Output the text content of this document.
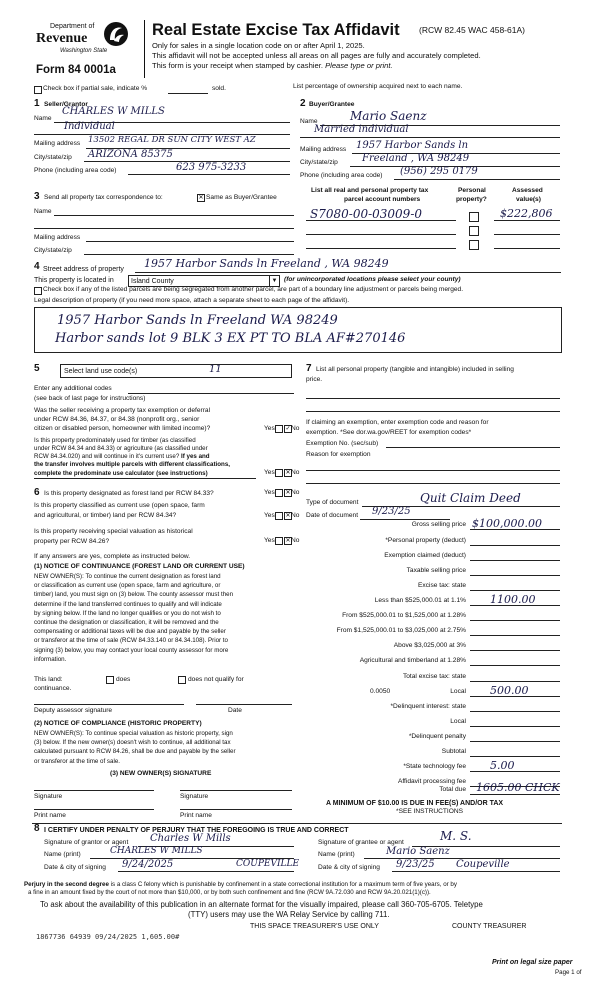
Department of
Revenue
Washington State
Form 84 0001a
Real Estate Excise Tax Affidavit (RCW 82.45 WAC 458-61A)
Only for sales in a single location code on or after April 1, 2025.
This affidavit will not be accepted unless all areas on all pages are fully and accurately completed.
This form is your receipt when stamped by cashier. Please type or print.
Check box if partial sale, indicate %	sold.	List percentage of ownership acquired next to each name.
1 Seller/Grantor
Name
CHARLES W MILLS
Individual
Mailing address 13502 REGAL DR SUN CITY WEST AZ
City/state/zip ARIZONA 85375
Phone (including area code)	623 975-3233
2 Buyer/Grantee
Name	Mario Saenz
Married individual
Mailing address 1957 Harbor Sands ln
City/state/zip Freeland , WA 98249
Phone (including area code) (956) 295 0179
3 Send all property tax correspondence to:	✕ Same as Buyer/Grantee
Name
Mailing address
City/state/zip
List all real and personal property tax
parcel account numbers
Personal
property?
Assessed
value(s)
S7080-00-03009-0	$222,806
4 Street address of property 1957 Harbor Sands ln Freeland , WA 98249
This property is located in Island County	▼ (for unincorporated locations please select your county)
Check box if any of the listed parcels are being segregated from another parcel, are part of a boundary line adjustment or parcels being merged.
Legal description of property (if you need more space, attach a separate sheet to each page of the affidavit).
1957 Harbor Sands ln Freeland WA 98249
Harbor sands lot 9 BLK 3 EX PT TO BLA AF#270146
5	Select land use code(s)	11
Enter any additional codes
(see back of last page for instructions)
Was the seller receiving a property tax exemption or deferral
under RCW 84.36, 84.37, or 84.38 (nonprofit org., senior
citizen or disabled person, homeowner with limited income)?	Yes ✓ No
Is this property predominately used for timber (as classified
under RCW 84.34 and 84.33) or agriculture (as classified under
RCW 84.34.020) and will continue in it's current use? If yes and
the transfer involves multiple parcels with different classifications,
complete the predominate use calculator (see instructions)	Yes ✕ No
6 Is this property designated as forest land per RCW 84.33?	Yes ✕ No
Is this property classified as current use (open space, farm
and agricultural, or timber) land per RCW 84.34?	Yes ✕ No
Is this property receiving special valuation as historical
property per RCW 84.26?	Yes ✕ No
If any answers are yes, complete as instructed below.
(1) NOTICE OF CONTINUANCE (FOREST LAND OR CURRENT USE)
NEW OWNER(S): To continue the current designation as forest land
or classification as current use (open space, farm and agriculture, or
timber) land, you must sign on (3) below. The county assessor must then
determine if the land transferred continues to qualify and will indicate
by signing below. If the land no longer qualifies or you do not wish to
continue the designation or classification, it will be removed and the
compensating or additional taxes will be due and payable by the seller
or transferor at the time of sale (RCW 84.33.140 or 84.34.108). Prior to
signing (3) below, you may contact your local county assessor for more
information.
This land:	does	does not qualify for
continuance.
Deputy assessor signature	Date
(2) NOTICE OF COMPLIANCE (HISTORIC PROPERTY)
NEW OWNER(S): To continue special valuation as historic property, sign
(3) below. If the new owner(s) doesn't wish to continue, all additional tax
calculated pursuant to RCW 84.26, shall be due and payable by the seller
or transferor at the time of sale.
(3) NEW OWNER(S) SIGNATURE
Signature	Signature
Print name	Print name
7 List all personal property (tangible and intangible) included in selling
price.
If claiming an exemption, enter exemption code and reason for
exemption. *See dor.wa.gov/REET for exemption codes*
Exemption No. (sec/sub)
Reason for exemption
Type of document	Quit Claim Deed
Date of document 9/23/25
Gross selling price $100,000.00
*Personal property (deduct)
Exemption claimed (deduct)
Taxable selling price
Excise tax: state
Less than $525,000.01 at 1.1% 1100.00
From $525,000.01 to $1,525,000 at 1.28%
From $1,525,000.01 to $3,025,000 at 2.75%
Above $3,025,000 at 3%
Agricultural and timberland at 1.28%
Total excise tax: state
Local 500.00
*Delinquent interest: state
Local
*Delinquent penalty
Subtotal
*State technology fee 5.00
Affidavit processing fee
Total due 1605.00 CHCK
0.0050
A MINIMUM OF $10.00 IS DUE IN FEE(S) AND/OR TAX
*SEE INSTRUCTIONS
8 I CERTIFY UNDER PENALTY OF PERJURY THAT THE FOREGOING IS TRUE AND CORRECT
Signature of grantor or agent Charles W Mills
Name (print)	CHARLES W MILLS
Date & city of signing 9/24/2025	COUPEVILLE
Signature of grantee or agent	M. S.
Name (print)	Mario Saenz
Date & city of signing 9/23/25 Coupeville
Perjury in the second degree is a class C felony which is punishable by confinement in a state correctional institution for a maximum term of five years, or by
a fine in an amount fixed by the court of not more than $10,000, or by both such confinement and fine (RCW 9A.72.030 and RCW 9A.20.021(1)(c)).
To ask about the availability of this publication in an alternate format for the visually impaired, please call 360-705-6705. Teletype
(TTY) users may use the WA Relay Service by calling 711.
THIS SPACE TREASURER'S USE ONLY	COUNTY TREASURER
1867736 64939 09/24/2025 1,605.00#
Print on legal size paper
Page 1 of
